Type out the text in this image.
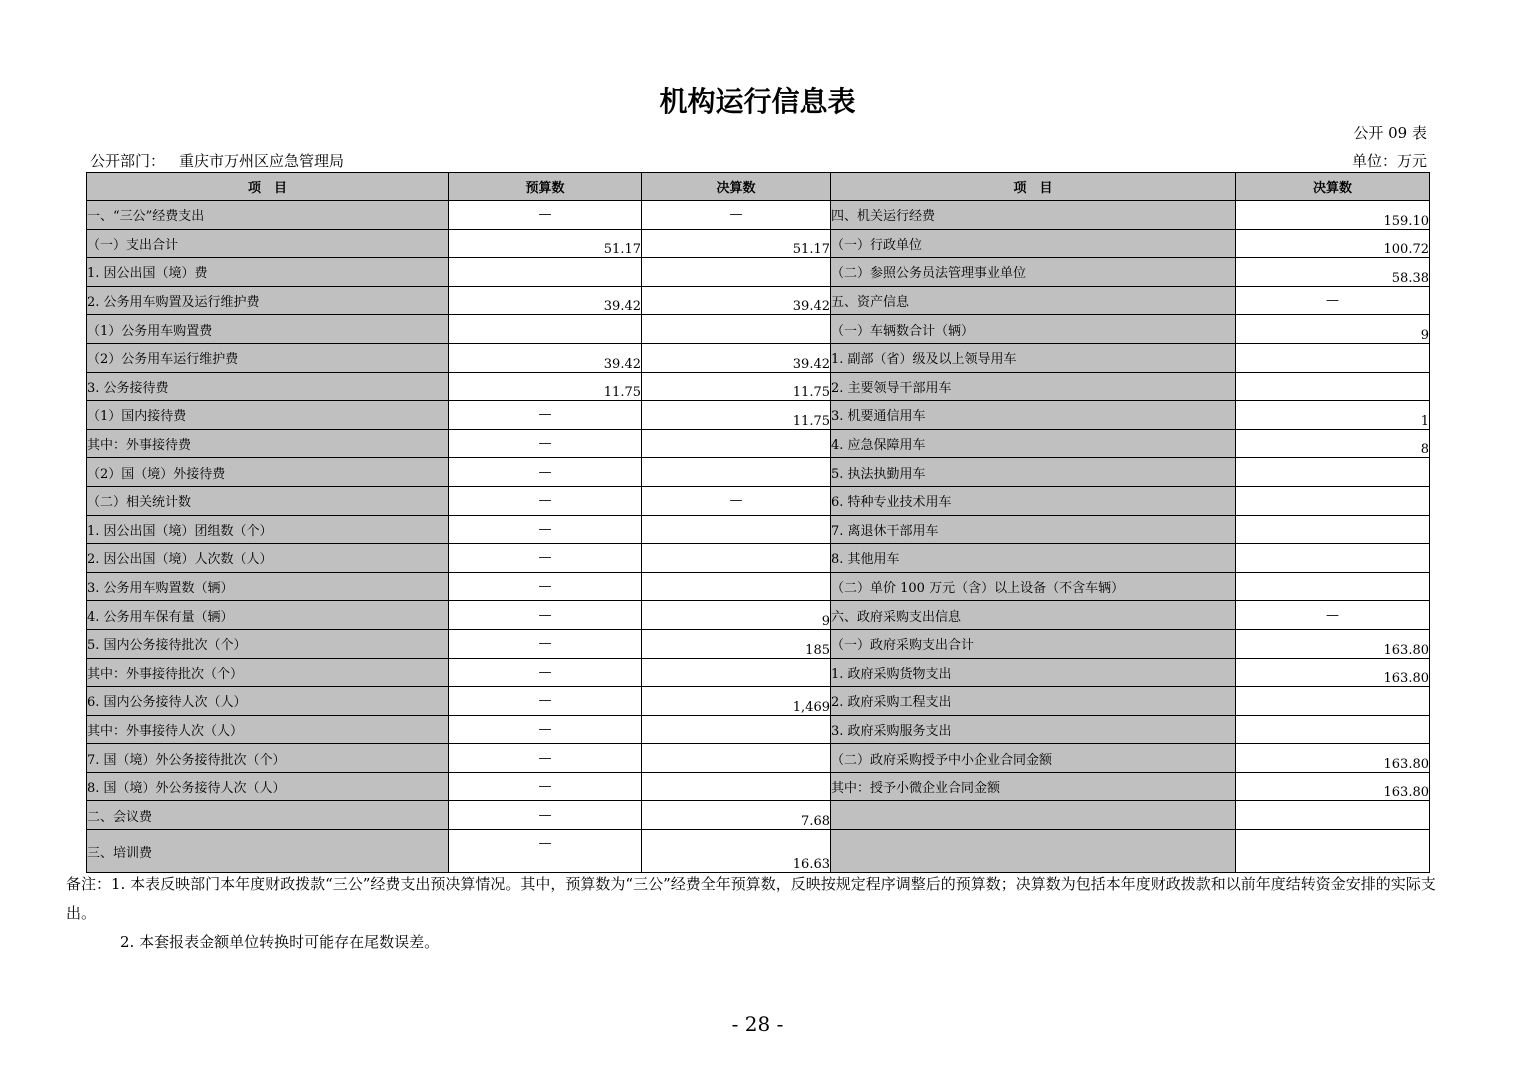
机构运行信息表
公开 09 表
公开部门： 重庆市万州区应急管理局	单位：万元
项　目	预算数	决算数	项　目	决算数
一、“三公”经费支出	—	—	四、机关运行经费	159.10
（一）支出合计	51.17	51.17	（一）行政单位	100.72
1. 因公出国（境）费			（二）参照公务员法管理事业单位	58.38
2. 公务用车购置及运行维护费	39.42	39.42	五、资产信息	—
（1）公务用车购置费			（一）车辆数合计（辆）	9
（2）公务用车运行维护费	39.42	39.42	1. 副部（省）级及以上领导用车	
3. 公务接待费	11.75	11.75	2. 主要领导干部用车	
（1）国内接待费	—	11.75	3. 机要通信用车	1
其中：外事接待费	—		4. 应急保障用车	8
（2）国（境）外接待费	—		5. 执法执勤用车	
（二）相关统计数	—	—	6. 特种专业技术用车	
1. 因公出国（境）团组数（个）	—		7. 离退休干部用车	
2. 因公出国（境）人次数（人）	—		8. 其他用车	
3. 公务用车购置数（辆）	—		（二）单价 100 万元（含）以上设备（不含车辆）	
4. 公务用车保有量（辆）	—	9	六、政府采购支出信息	—
5. 国内公务接待批次（个）	—	185	（一）政府采购支出合计	163.80
其中：外事接待批次（个）	—		1. 政府采购货物支出	163.80
6. 国内公务接待人次（人）	—	1,469	2. 政府采购工程支出	
其中：外事接待人次（人）	—		3. 政府采购服务支出	
7. 国（境）外公务接待批次（个）	—		（二）政府采购授予中小企业合同金额	163.80
8. 国（境）外公务接待人次（人）	—		其中：授予小微企业合同金额	163.80
二、会议费	—	7.68		
三、培训费	—	16.63		

备注：1. 本表反映部门本年度财政拨款“三公”经费支出预决算情况。其中，预算数为“三公”经费全年预算数，反映按规定程序调整后的预算数；决算数为包括本年度财政拨款和以前年度结转资金安排的实际支出。

2. 本套报表金额单位转换时可能存在尾数误差。

- 28 -
